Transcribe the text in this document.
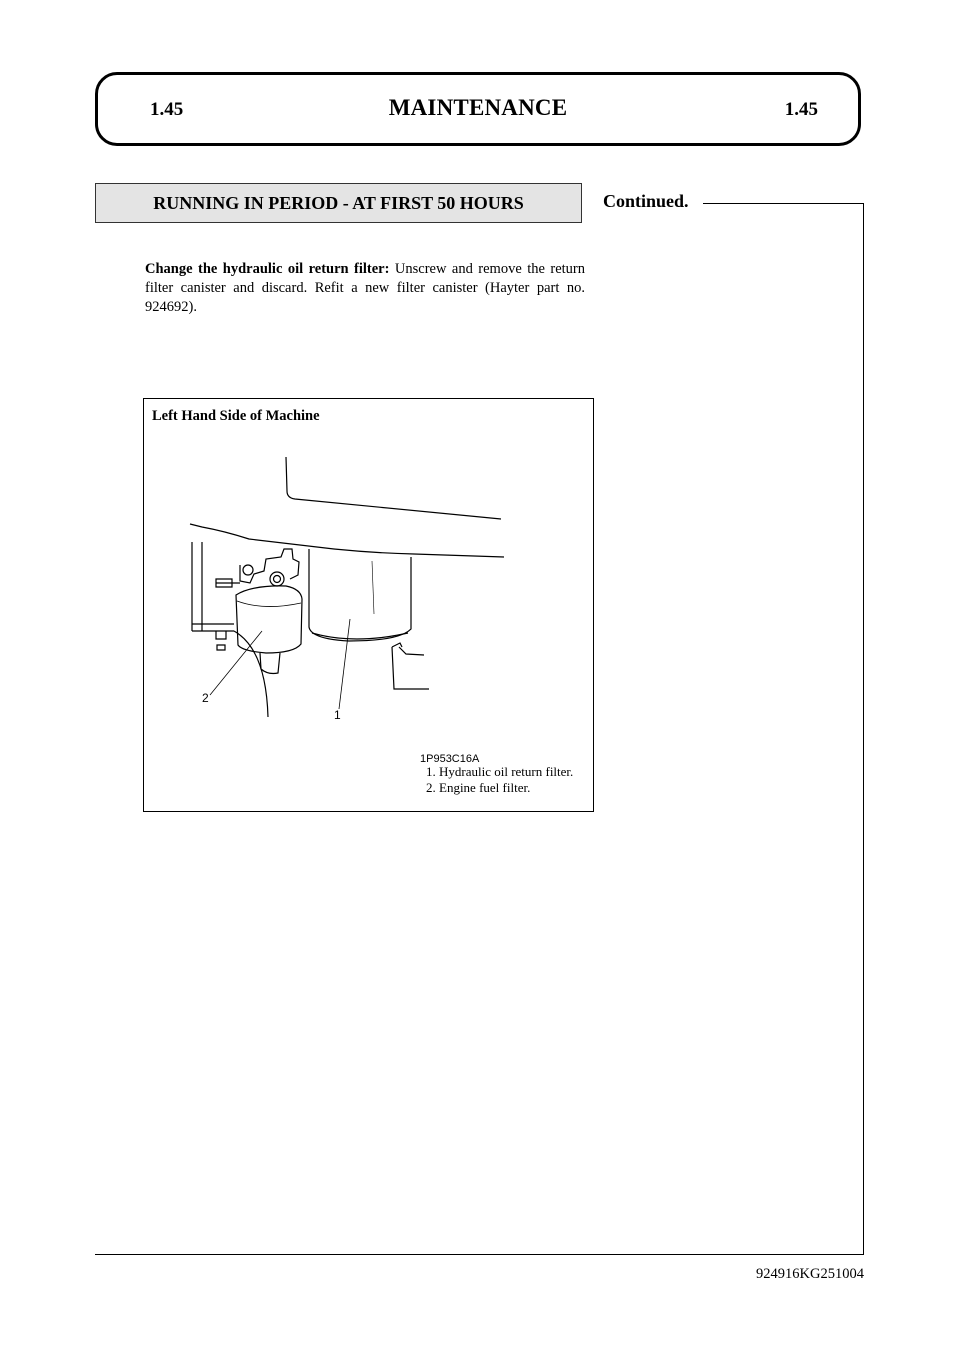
1.45	MAINTENANCE	1.45
RUNNING IN PERIOD - AT FIRST 50 HOURS	Continued.
Change the hydraulic oil return filter: Unscrew and remove the return filter canister and discard. Refit a new filter canister (Hayter part no. 924692).
Left Hand Side of Machine
1
2
1P953C16A
1. Hydraulic oil return filter.
2. Engine fuel filter.
924916KG251004
